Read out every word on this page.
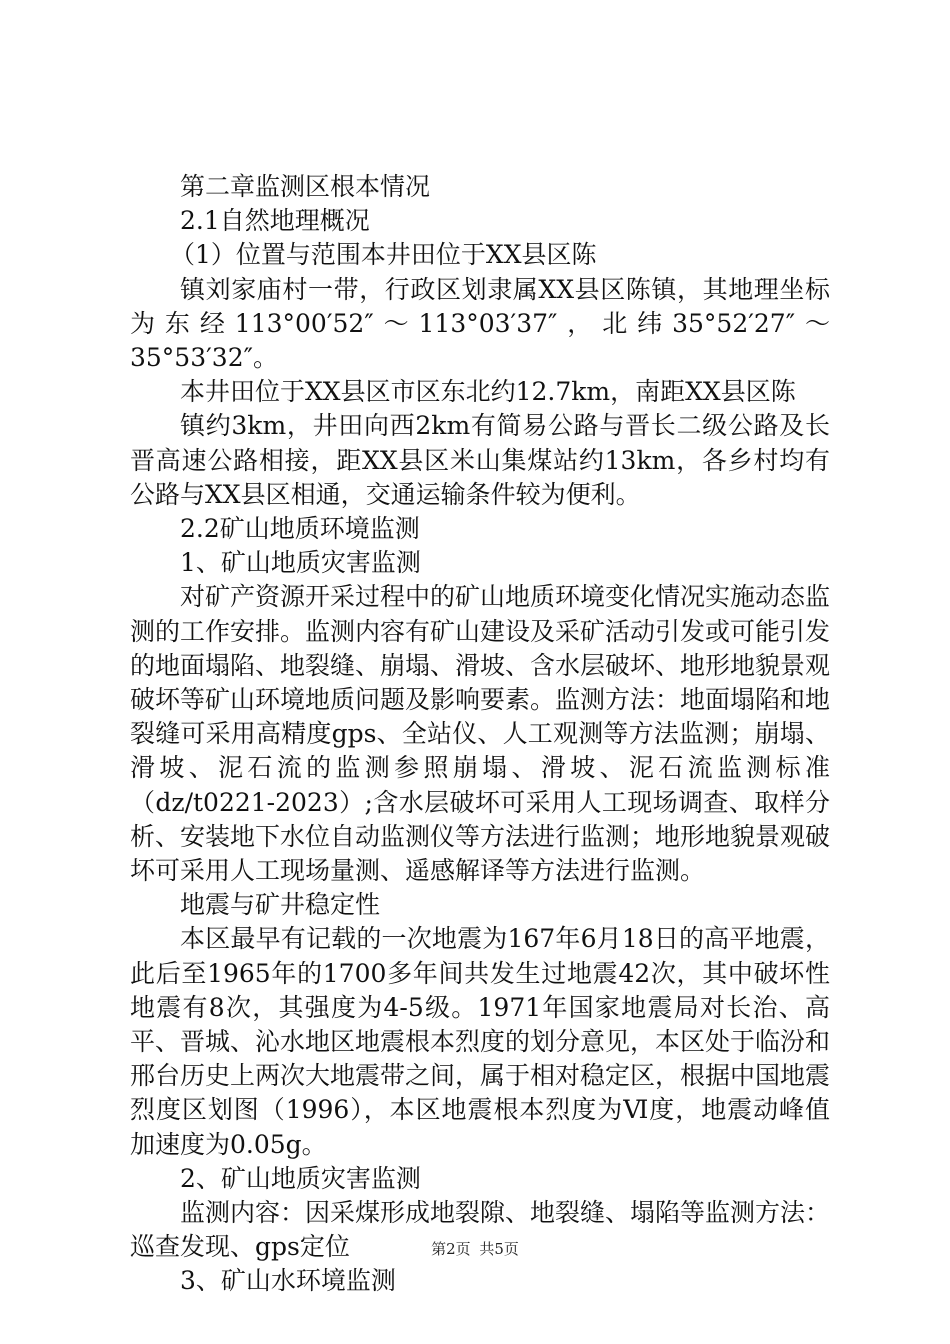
第二章监测区根本情况
2.1自然地理概况
（1）位置与范围本井田位于XX县区陈

镇刘家庙村一带，行政区划隶属XX县区陈镇，其地理坐标为东经113°00′52″～113°03′37″，北纬35°52′27″～35°53′32″。

本井田位于XX县区市区东北约12.7km，南距XX县区陈

镇约3km，井田向西2km有简易公路与晋长二级公路及长晋高速公路相接，距XX县区米山集煤站约13km，各乡村均有公路与XX县区相通，交通运输条件较为便利。

2.2矿山地质环境监测
1、矿山地质灾害监测

对矿产资源开采过程中的矿山地质环境变化情况实施动态监测的工作安排。监测内容有矿山建设及采矿活动引发或可能引发的地面塌陷、地裂缝、崩塌、滑坡、含水层破坏、地形地貌景观破坏等矿山环境地质问题及影响要素。监测方法：地面塌陷和地裂缝可采用高精度gps、全站仪、人工观测等方法监测；崩塌、滑坡、泥石流的监测参照崩塌、滑坡、泥石流监测标准（dz/t0221-2023）;含水层破坏可采用人工现场调查、取样分析、安装地下水位自动监测仪等方法进行监测；地形地貌景观破坏可采用人工现场量测、遥感解译等方法进行监测。

地震与矿井稳定性

本区最早有记载的一次地震为167年6月18日的高平地震，此后至1965年的1700多年间共发生过地震42次，其中破坏性地震有8次，其强度为4-5级。1971年国家地震局对长治、高平、晋城、沁水地区地震根本烈度的划分意见，本区处于临汾和邢台历史上两次大地震带之间，属于相对稳定区，根据中国地震烈度区划图（1996），本区地震根本烈度为Ⅵ度，地震动峰值加速度为0.05g。

2、矿山地质灾害监测

监测内容：因采煤形成地裂隙、地裂缝、塌陷等监测方法：巡查发现、gps定位

3、矿山水环境监测
第2页 共5页
